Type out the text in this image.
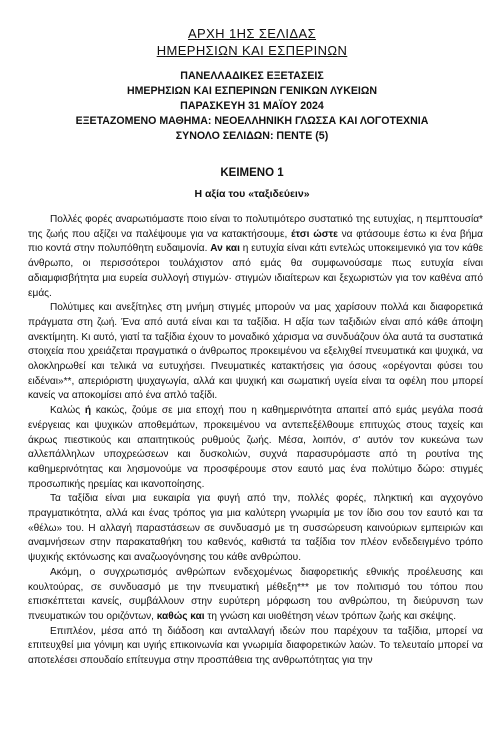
ΑΡΧΗ 1ΗΣ ΣΕΛΙΔΑΣ
ΗΜΕΡΗΣΙΩΝ ΚΑΙ ΕΣΠΕΡΙΝΩΝ
ΠΑΝΕΛΛΑΔΙΚΕΣ ΕΞΕΤΑΣΕΙΣ
ΗΜΕΡΗΣΙΩΝ ΚΑΙ ΕΣΠΕΡΙΝΩΝ ΓΕΝΙΚΩΝ ΛΥΚΕΙΩΝ
ΠΑΡΑΣΚΕΥΗ 31 ΜΑΪΟΥ 2024
ΕΞΕΤΑΖΟΜΕΝΟ ΜΑΘΗΜΑ: ΝΕΟΕΛΛΗΝΙΚΗ ΓΛΩΣΣΑ ΚΑΙ ΛΟΓΟΤΕΧΝΙΑ
ΣΥΝΟΛΟ ΣΕΛΙΔΩΝ: ΠΕΝΤΕ (5)
ΚΕΙΜΕΝΟ 1
Η αξία του «ταξιδεύειν»

Πολλές φορές αναρωτιόμαστε ποιο είναι το πολυτιμότερο συστατικό της ευτυχίας, η πεμπτουσία* της ζωής που αξίζει να παλέψουμε για να κατακτήσουμε, έτσι ώστε να φτάσουμε έστω κι ένα βήμα πιο κοντά στην πολυπόθητη ευδαιμονία. Αν και η ευτυχία είναι κάτι εντελώς υποκειμενικό για τον κάθε άνθρωπο, οι περισσότεροι τουλάχιστον από εμάς θα συμφωνούσαμε πως ευτυχία είναι αδιαμφισβήτητα μια ευρεία συλλογή στιγμών· στιγμών ιδιαίτερων και ξεχωριστών για τον καθένα από εμάς.

Πολύτιμες και ανεξίτηλες στη μνήμη στιγμές μπορούν να μας χαρίσουν πολλά και διαφορετικά πράγματα στη ζωή. Ένα από αυτά είναι και τα ταξίδια. Η αξία των ταξιδιών είναι από κάθε άποψη ανεκτίμητη. Κι αυτό, γιατί τα ταξίδια έχουν το μοναδικό χάρισμα να συνδυάζουν όλα αυτά τα συστατικά στοιχεία που χρειάζεται πραγματικά ο άνθρωπος προκειμένου να εξελιχθεί πνευματικά και ψυχικά, να ολοκληρωθεί και τελικά να ευτυχήσει. Πνευματικές κατακτήσεις για όσους «ορέγονται φύσει του ειδέναι»**, απεριόριστη ψυχαγωγία, αλλά και ψυχική και σωματική υγεία είναι τα οφέλη που μπορεί κανείς να αποκομίσει από ένα απλό ταξίδι.

Καλώς ή κακώς, ζούμε σε μια εποχή που η καθημερινότητα απαιτεί από εμάς μεγάλα ποσά ενέργειας και ψυχικών αποθεμάτων, προκειμένου να αντεπεξέλθουμε επιτυχώς στους ταχείς και άκρως πιεστικούς και απαιτητικούς ρυθμούς ζωής. Μέσα, λοιπόν, σ' αυτόν τον κυκεώνα των αλλεπάλληλων υποχρεώσεων και δυσκολιών, συχνά παρασυρόμαστε από τη ρουτίνα της καθημερινότητας και λησμονούμε να προσφέρουμε στον εαυτό μας ένα πολύτιμο δώρο: στιγμές προσωπικής ηρεμίας και ικανοποίησης.

Τα ταξίδια είναι μια ευκαιρία για φυγή από την, πολλές φορές, πληκτική και αγχογόνο πραγματικότητα, αλλά και ένας τρόπος για μια καλύτερη γνωριμία με τον ίδιο σου τον εαυτό και τα «θέλω» του. Η αλλαγή παραστάσεων σε συνδυασμό με τη συσσώρευση καινούριων εμπειριών και αναμνήσεων στην παρακαταθήκη του καθενός, καθιστά τα ταξίδια τον πλέον ενδεδειγμένο τρόπο ψυχικής εκτόνωσης και αναζωογόνησης του κάθε ανθρώπου.

Ακόμη, ο συγχρωτισμός ανθρώπων ενδεχομένως διαφορετικής εθνικής προέλευσης και κουλτούρας, σε συνδυασμό με την πνευματική μέθεξη*** με τον πολιτισμό του τόπου που επισκέπτεται κανείς, συμβάλλουν στην ευρύτερη μόρφωση του ανθρώπου, τη διεύρυνση των πνευματικών του οριζόντων, καθώς και τη γνώση και υιοθέτηση νέων τρόπων ζωής και σκέψης.

Επιπλέον, μέσα από τη διάδοση και ανταλλαγή ιδεών που παρέχουν τα ταξίδια, μπορεί να επιτευχθεί μια γόνιμη και υγιής επικοινωνία και γνωριμία διαφορετικών λαών. Το τελευταίο μπορεί να αποτελέσει σπουδαίο επίτευγμα στην προσπάθεια της ανθρωπότητας για την
